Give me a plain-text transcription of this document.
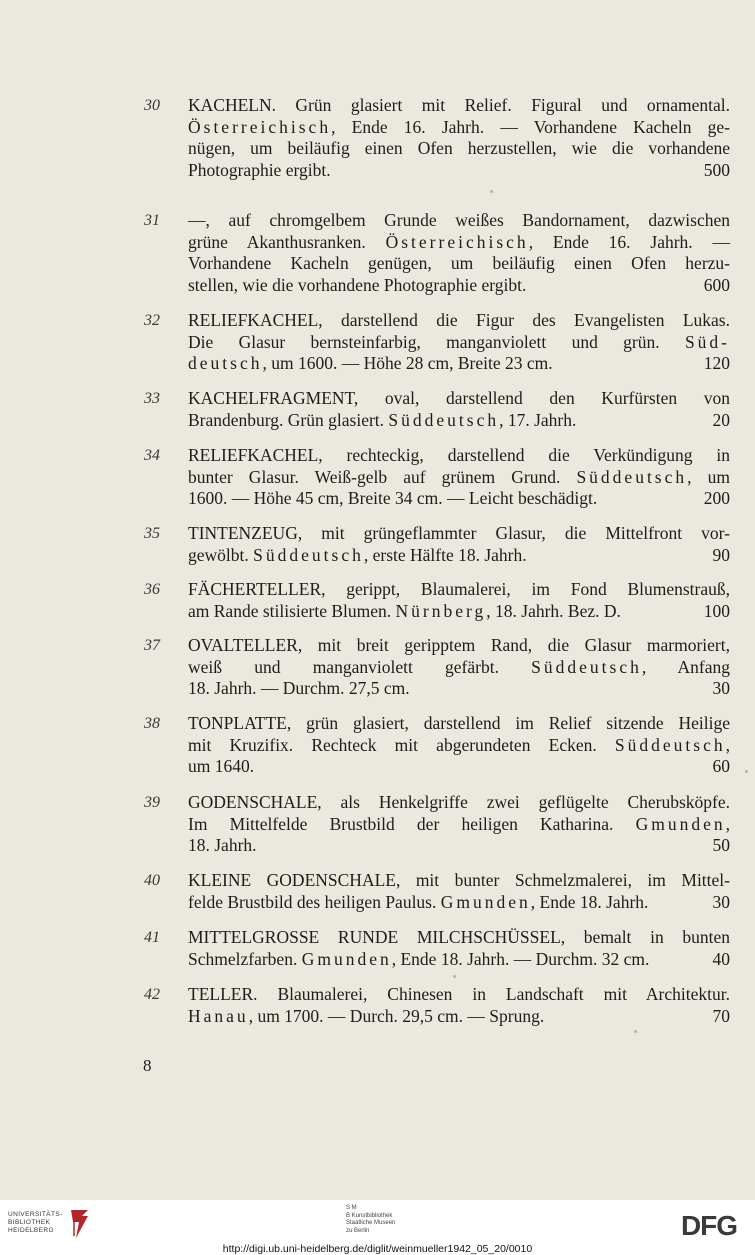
30	KACHELN. Grün glasiert mit Relief. Figural und ornamental.
Österreichisch, Ende 16. Jahrh. — Vorhandene Kacheln ge-
nügen, um beiläufig einen Ofen herzustellen, wie die vorhandene
Photographie ergibt.	500
31	—, auf chromgelbem Grunde weißes Bandornament, dazwischen
grüne Akanthusranken. Österreichisch, Ende 16. Jahrh. —
Vorhandene Kacheln genügen, um beiläufig einen Ofen herzu-
stellen, wie die vorhandene Photographie ergibt.	600
32	RELIEFKACHEL, darstellend die Figur des Evangelisten Lukas.
Die Glasur bernsteinfarbig, manganviolett und grün. Süd-
deutsch, um 1600. — Höhe 28 cm, Breite 23 cm.	120
33	KACHELFRAGMENT, oval, darstellend den Kurfürsten von
Brandenburg. Grün glasiert. Süddeutsch, 17. Jahrh.	20
34	RELIEFKACHEL, rechteckig, darstellend die Verkündigung in
bunter Glasur. Weiß-gelb auf grünem Grund. Süddeutsch, um
1600. — Höhe 45 cm, Breite 34 cm. — Leicht beschädigt.	200
35	TINTENZEUG, mit grüngeflammter Glasur, die Mittelfront vor-
gewölbt. Süddeutsch, erste Hälfte 18. Jahrh.	90
36	FÄCHERTELLER, gerippt, Blaumalerei, im Fond Blumenstrauß,
am Rande stilisierte Blumen. Nürnberg, 18. Jahrh. Bez. D.	100
37	OVALTELLER, mit breit geripptem Rand, die Glasur marmoriert,
weiß und manganviolett gefärbt. Süddeutsch, Anfang
18. Jahrh. — Durchm. 27,5 cm.	30
38	TONPLATTE, grün glasiert, darstellend im Relief sitzende Heilige
mit Kruzifix. Rechteck mit abgerundeten Ecken. Süddeutsch,
um 1640.	60
39	GODENSCHALE, als Henkelgriffe zwei geflügelte Cherubsköpfe.
Im Mittelfelde Brustbild der heiligen Katharina. Gmunden,
18. Jahrh.	50
40	KLEINE GODENSCHALE, mit bunter Schmelzmalerei, im Mittel-
felde Brustbild des heiligen Paulus. Gmunden, Ende 18. Jahrh.	30
41	MITTELGROSSE RUNDE MILCHSCHÜSSEL, bemalt in bunten
Schmelzfarben. Gmunden, Ende 18. Jahrh. — Durchm. 32 cm.	40
42	TELLER. Blaumalerei, Chinesen in Landschaft mit Architektur.
Hanau, um 1700. — Durch. 29,5 cm. — Sprung.	70
8
UNIVERSITÄTS-
BIBLIOTHEK
HEIDELBERG
S M
B Kunstbibliothek
Staatliche Museen
zu Berlin	DFG
http://digi.ub.uni-heidelberg.de/diglit/weinmueller1942_05_20/0010
